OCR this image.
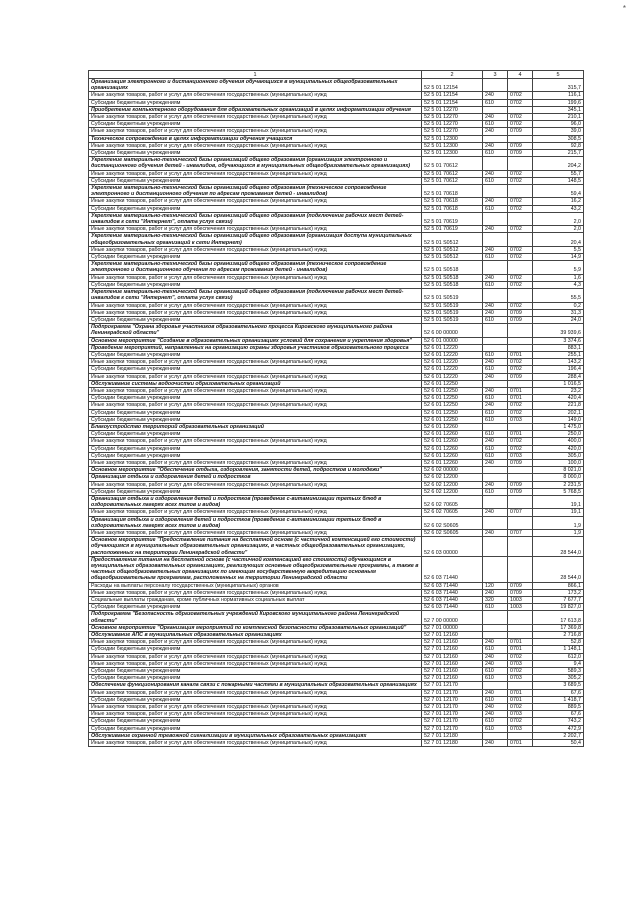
*
1	2	3	4	5
Организация электронного и дистанционного обучения обучающихся в муниципальных общеобразовательных организациях	52 5 01 12154			315,7
Иные закупки товаров, работ и услуг для обеспечения государственных (муниципальных) нужд	52 5 01 12154	240	0702	116,1
Субсидии бюджетным учреждениям	52 5 01 12154	610	0702	199,6
Приобретение компьютерного оборудования для образовательных организаций в целях информатизации обучения	52 5 01 12270			345,1
Иные закупки товаров, работ и услуг для обеспечения государственных (муниципальных) нужд	52 5 01 12270	240	0702	210,1
Субсидии бюджетным учреждениям	52 5 01 12270	610	0702	96,0
Иные закупки товаров, работ и услуг для обеспечения государственных (муниципальных) нужд	52 5 01 12270	240	0709	39,0
Техническое сопровождение в целях информатизации обучения учащихся	52 5 01 12300			308,5
Иные закупки товаров, работ и услуг для обеспечения государственных (муниципальных) нужд	52 5 01 12300	240	0709	92,8
Субсидии бюджетным учреждениям	52 5 01 12300	610	0709	215,7
Укрепление материально-технической базы организаций общего образования (организация электронного и дистанционного обучения детей - инвалидов, обучающихся в муниципальных общеобразовательных организациях)	52 5 01 70612			204,2
Иные закупки товаров, работ и услуг для обеспечения государственных (муниципальных) нужд	52 5 01 70612	240	0702	55,7
Субсидии бюджетным учреждениям	52 5 01 70612	610	0702	148,5
Укрепление материально-технической базы организаций общего образования (техническое сопровождение электронного и дистанционного обучения по адресам проживания детей - инвалидов)	52 5 01 70618			59,4
Иные закупки товаров, работ и услуг для обеспечения государственных (муниципальных) нужд	52 5 01 70618	240	0702	16,2
Субсидии бюджетным учреждениям	52 5 01 70618	610	0702	43,2
Укрепление материально-технической базы организаций общего образования (подключение рабочих мест детей-инвалидов к сети "Интернет", оплата услуг связи)	52 5 01 70619			2,0
Иные закупки товаров, работ и услуг для обеспечения государственных (муниципальных) нужд	52 5 01 70619	240	0702	2,0
Укрепление материально-технической базы организаций общего образования (организация доступа муниципальных общеобразовательных организаций к сети Интернет)	52 5 01 S0512			20,4
Иные закупки товаров, работ и услуг для обеспечения государственных (муниципальных) нужд	52 5 01 S0512	240	0702	5,5
Субсидии бюджетным учреждениям	52 5 01 S0512	610	0702	14,9
Укрепление материально-технической базы организаций общего образования (техническое сопровождение электронного и дистанционного обучения по адресам проживания детей - инвалидов)	52 5 01 S0518			5,9
Иные закупки товаров, работ и услуг для обеспечения государственных (муниципальных) нужд	52 5 01 S0518	240	0702	1,6
Субсидии бюджетным учреждениям	52 5 01 S0518	610	0702	4,3
Укрепление материально-технической базы организаций общего образования (подключение рабочих мест детей-инвалидов к сети "Интернет", оплата услуг связи)	52 5 01 S0519			55,5
Иные закупки товаров, работ и услуг для обеспечения государственных (муниципальных) нужд	52 5 01 S0519	240	0702	0,2
Иные закупки товаров, работ и услуг для обеспечения государственных (муниципальных) нужд	52 5 01 S0519	240	0709	31,3
Субсидии бюджетным учреждениям	52 5 01 S0519	610	0709	24,0
Подпрограмма "Охрана здоровья участников образовательного процесса Кировского муниципального района Ленинградской области"	52 6 00 00000			39 939,6
Основное мероприятие "Создание в образовательных организациях условий для сохранения и укрепления здоровья"	52 6 01 00000			3 374,6
Проведение мероприятий, направленных на организацию охраны здоровья участников образовательного процесса	52 6 01 12220			883,1
Субсидии бюджетным учреждениям	52 6 01 12220	610	0701	255,1
Иные закупки товаров, работ и услуг для обеспечения государственных (муниципальных) нужд	52 6 01 12220	240	0702	143,2
Субсидии бюджетным учреждениям	52 6 01 12220	610	0702	196,4
Иные закупки товаров, работ и услуг для обеспечения государственных (муниципальных) нужд	52 6 01 12220	240	0709	288,4
Обслуживание системы водоочистки образовательных организаций	52 6 01 12250			1 016,5
Иные закупки товаров, работ и услуг для обеспечения государственных (муниципальных) нужд	52 6 01 12250	240	0701	23,2
Субсидии бюджетным учреждениям	52 6 01 12250	610	0701	420,4
Иные закупки товаров, работ и услуг для обеспечения государственных (муниципальных) нужд	52 6 01 12250	240	0702	221,8
Субсидии бюджетным учреждениям	52 6 01 12250	610	0702	202,1
Субсидии бюджетным учреждениям	52 6 01 12250	610	0703	149,0
Благоустройство территорий образовательных организаций	52 6 01 12260			1 475,0
Субсидии бюджетным учреждениям	52 6 01 12260	610	0701	250,0
Иные закупки товаров, работ и услуг для обеспечения государственных (муниципальных) нужд	52 6 01 12260	240	0702	400,0
Субсидии бюджетным учреждениям	52 6 01 12260	610	0702	420,0
Субсидии бюджетным учреждениям	52 6 01 12260	610	0703	305,0
Иные закупки товаров, работ и услуг для обеспечения государственных (муниципальных) нужд	52 6 01 12260	240	0709	100,0
Основное мероприятие "Обеспечение отдыха, оздоровления, занятости детей, подростков и молодежи"	52 6 02 00000			8 021,0
Организация отдыха и оздоровления детей и подростков	52 6 02 12200			8 000,0
Иные закупки товаров, работ и услуг для обеспечения государственных (муниципальных) нужд	52 6 02 12200	240	0709	2 231,5
Субсидии бюджетным учреждениям	52 6 02 12200	610	0709	5 768,5
Организация отдыха и оздоровления детей и подростков (проведение с-витаминизации третьих блюд в оздоровительных лагерях всех типов и видов)	52 6 02 70605			19,1
Иные закупки товаров, работ и услуг для обеспечения государственных (муниципальных) нужд	52 6 02 70605	240	0707	19,1
Организация отдыха и оздоровления детей и подростков (проведение с-витаминизации третьих блюд в оздоровительных лагерях всех типов и видов)	52 6 02 S0605			1,9
Иные закупки товаров, работ и услуг для обеспечения государственных (муниципальных) нужд	52 6 02 S0605	240	0707	1,9
Основное мероприятие "Предоставление питания на бесплатной основе (с частичной компенсацией его стоимости) обучающимся в муниципальных образовательных организациях, в частных общеобразовательных организациях, расположенных на территории Ленинградской области"	52 6 03 00000			28 544,0
Предоставление питания на бесплатной основе (с частичной компенсацией его стоимости) обучающимся в муниципальных образовательных организациях, реализующих основные общеобразовательные программы, а также в частных общеобразовательных организациях по имеющим государственную аккредитацию основным общеобразовательным программам, расположенных на территории Ленинградской области	52 6 03 71440			28 544,0
Расходы на выплаты персоналу государственных (муниципальных) органов	52 6 03 71440	120	0709	866,1
Иные закупки товаров, работ и услуг для обеспечения государственных (муниципальных) нужд	52 6 03 71440	240	0709	173,2
Социальные выплаты гражданам, кроме публичных нормативных социальных выплат	52 6 03 71440	320	1003	7 677,7
Субсидии бюджетным учреждениям	52 6 03 71440	610	1003	19 827,0
Подпрограмма "Безопасность образовательных учреждений Кировского муниципального района Ленинградской области"	52 7 00 00000			17 613,8
Основное мероприятие "Организация мероприятий по комплексной безопасности образовательных организаций"	52 7 01 00000			17 369,8
Обслуживание АПС в муниципальных образовательных организациях	52 7 01 12160			2 716,8
Иные закупки товаров, работ и услуг для обеспечения государственных (муниципальных) нужд	52 7 01 12160	240	0701	52,8
Субсидии бюджетным учреждениям	52 7 01 12160	610	0701	1 148,1
Иные закупки товаров, работ и услуг для обеспечения государственных (муниципальных) нужд	52 7 01 12160	240	0702	612,0
Иные закупки товаров, работ и услуг для обеспечения государственных (муниципальных) нужд	52 7 01 12160	240	0703	9,4
Субсидии бюджетным учреждениям	52 7 01 12160	610	0702	589,3
Субсидии бюджетным учреждениям	52 7 01 12160	610	0703	305,2
Обеспечение функционирования канала связи с пожарными частями в муниципальных образовательных организациях	52 7 01 12170			3 689,5
Иные закупки товаров, работ и услуг для обеспечения государственных (муниципальных) нужд	52 7 01 12170	240	0701	67,6
Субсидии бюджетным учреждениям	52 7 01 12170	610	0701	1 418,7
Иные закупки товаров, работ и услуг для обеспечения государственных (муниципальных) нужд	52 7 01 12170	240	0702	889,5
Иные закупки товаров, работ и услуг для обеспечения государственных (муниципальных) нужд	52 7 01 12170	240	0703	67,6
Субсидии бюджетным учреждениям	52 7 01 12170	610	0702	743,2
Субсидии бюджетным учреждениям	52 7 01 12170	610	0703	472,9
Обслуживание охранной тревожной сигнализации в муниципальных образовательных организациях	52 7 01 12180			2 202,7
Иные закупки товаров, работ и услуг для обеспечения государственных (муниципальных) нужд	52 7 01 12180	240	0701	50,4
